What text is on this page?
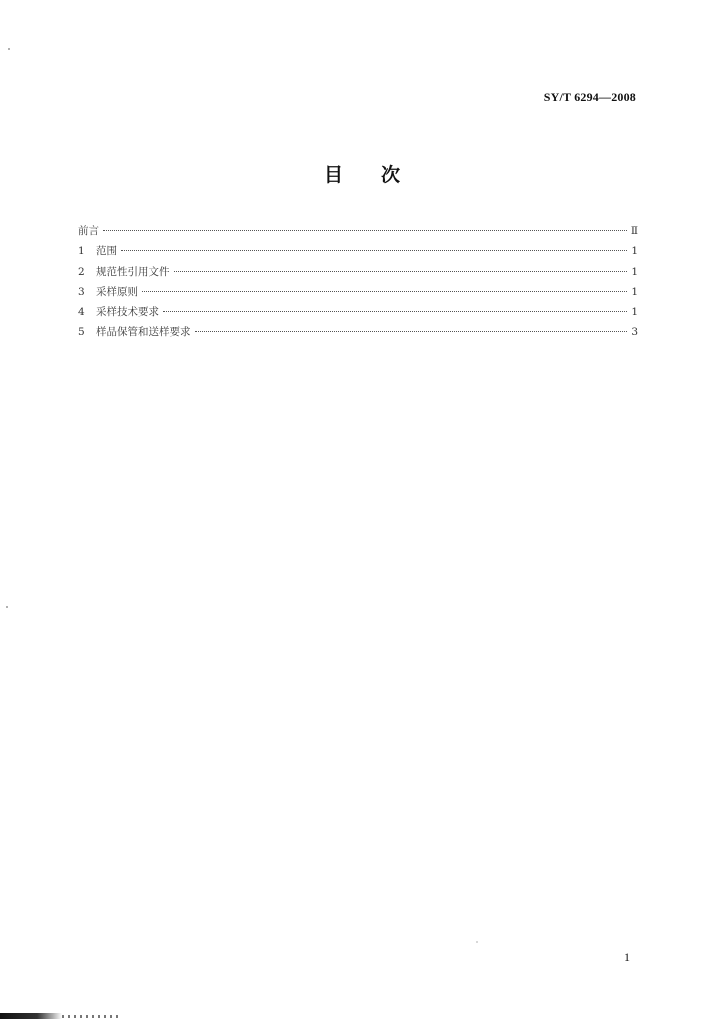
SY/T 6294—2008
目 次
前言	Ⅱ
1	范围	1
2	规范性引用文件	1
3	采样原则	1
4	采样技术要求	1
5	样品保管和送样要求	3
1
